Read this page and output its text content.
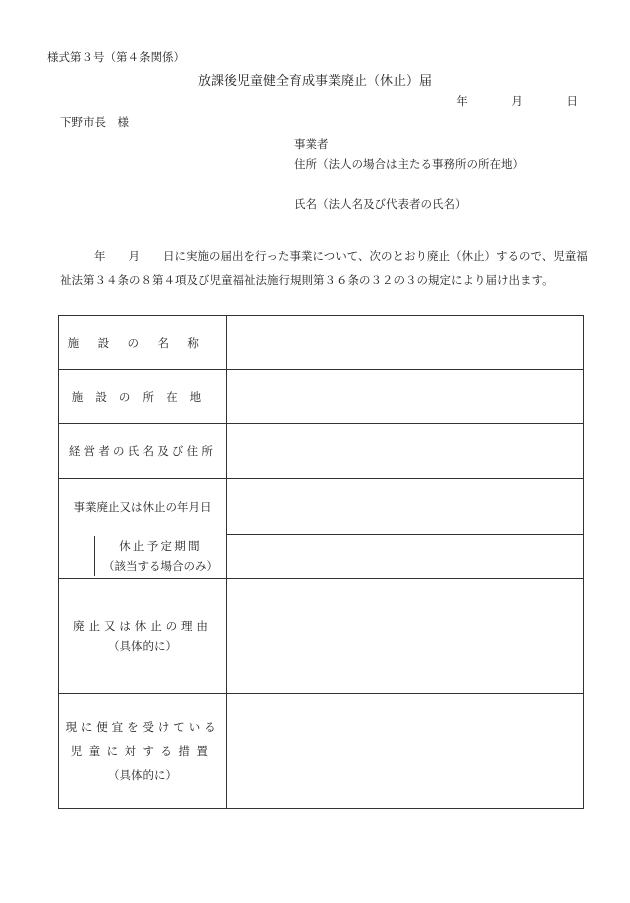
様式第３号（第４条関係）
放課後児童健全育成事業廃止（休止）届
年	月	日
下野市長　様
事業者
住所（法人の場合は主たる事務所の所在地）
氏名（法人名及び代表者の氏名）
年　　月　　日に実施の届出を行った事業について、次のとおり廃止（休止）するので、児童福祉法第３４条の８第４項及び児童福祉法施行規則第３６条の３２の３の規定により届け出ます。
施設の名称	
施設の所在地	
経営者の氏名及び住所	
事業廃止又は休止の年月日	

休止予定期間
（該当する場合のみ）	

廃止又は休止の理由
（具体的に）	

現に便宜を受けている
児童に対する措置
（具体的に）	
